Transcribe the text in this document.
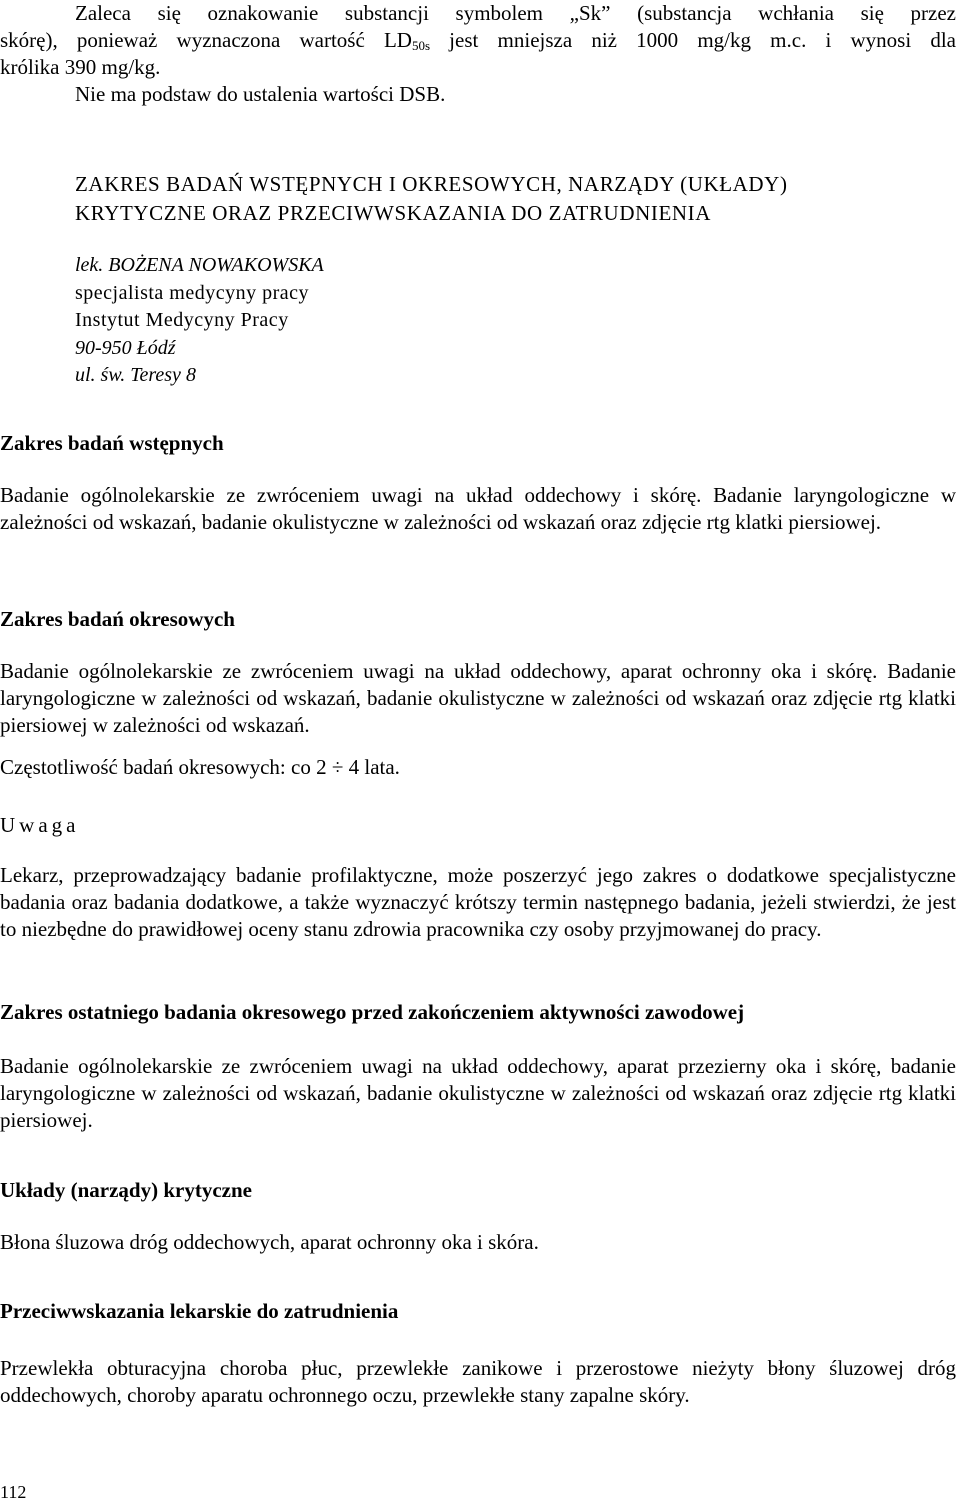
Zaleca się oznakowanie substancji symbolem „Sk” (substancja wchłania się przez

skórę), ponieważ wyznaczona wartość $LD_{50s}$ jest mniejsza niż 1000 mg/kg m.c. i wynosi dla

królika 390 mg/kg.

Nie ma podstaw do ustalenia wartości DSB.

ZAKRES BADAŃ WSTĘPNYCH I OKRESOWYCH, NARZĄDY (UKŁADY)
KRYTYCZNE ORAZ PRZECIWWSKAZANIA DO ZATRUDNIENIA
lek. BOŻENA NOWAKOWSKA
specjalista medycyny pracy
Instytut Medycyny Pracy
90-950 Łódź
ul. św. Teresy 8

Zakres badań wstępnych

Badanie ogólnolekarskie ze zwróceniem uwagi na układ oddechowy i skórę. Badanie laryngologiczne w zależności od wskazań, badanie okulistyczne w zależności od wskazań oraz zdjęcie rtg klatki piersiowej.

Zakres badań okresowych

Badanie ogólnolekarskie ze zwróceniem uwagi na układ oddechowy, aparat ochronny oka i skórę. Badanie laryngologiczne w zależności od wskazań, badanie okulistyczne w zależności od wskazań oraz zdjęcie rtg klatki piersiowej w zależności od wskazań.

Częstotliwość badań okresowych: co 2 ÷ 4 lata.

Uwaga

Lekarz, przeprowadzający badanie profilaktyczne, może poszerzyć jego zakres o dodatkowe specjalistyczne badania oraz badania dodatkowe, a także wyznaczyć krótszy termin następnego badania, jeżeli stwierdzi, że jest to niezbędne do prawidłowej oceny stanu zdrowia pracownika czy osoby przyjmowanej do pracy.

Zakres ostatniego badania okresowego przed zakończeniem aktywności zawodowej

Badanie ogólnolekarskie ze zwróceniem uwagi na układ oddechowy, aparat przezierny oka i skórę, badanie laryngologiczne w zależności od wskazań, badanie okulistyczne w zależności od wskazań oraz zdjęcie rtg klatki piersiowej.

Układy (narządy) krytyczne

Błona śluzowa dróg oddechowych, aparat ochronny oka i skóra.

Przeciwwskazania lekarskie do zatrudnienia

Przewlekła obturacyjna choroba płuc, przewlekłe zanikowe i przerostowe nieżyty błony śluzowej dróg oddechowych, choroby aparatu ochronnego oczu, przewlekłe stany zapalne skóry.

112
